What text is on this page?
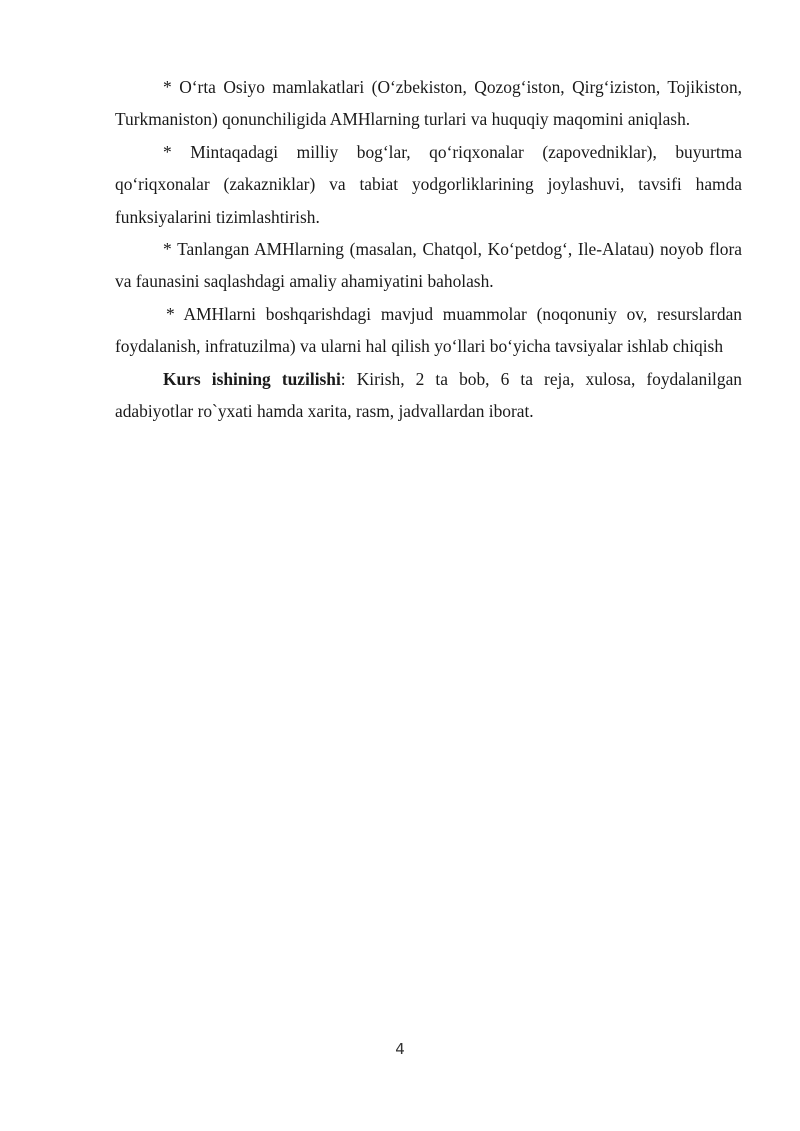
* O‘rta Osiyo mamlakatlari (O‘zbekiston, Qozog‘iston, Qirg‘iziston, Tojikiston, Turkmaniston) qonunchiligida AMHlarning turlari va huquqiy maqomini aniqlash.

* Mintaqadagi milliy bog‘lar, qo‘riqxonalar (zapovedniklar), buyurtma qo‘riqxonalar (zakazniklar) va tabiat yodgorliklarining joylashuvi, tavsifi hamda funksiyalarini tizimlashtirish.

* Tanlangan AMHlarning (masalan, Chatqol, Ko‘petdog‘, Ile-Alatau) noyob flora va faunasini saqlashdagi amaliy ahamiyatini baholash.

* AMHlarni boshqarishdagi mavjud muammolar (noqonuniy ov, resurslardan foydalanish, infratuzilma) va ularni hal qilish yo‘llari bo‘yicha tavsiyalar ishlab chiqish

Kurs ishining tuzilishi: Kirish, 2 ta bob, 6 ta reja, xulosa, foydalanilgan adabiyotlar ro`yxati hamda xarita, rasm, jadvallardan iborat.

4
